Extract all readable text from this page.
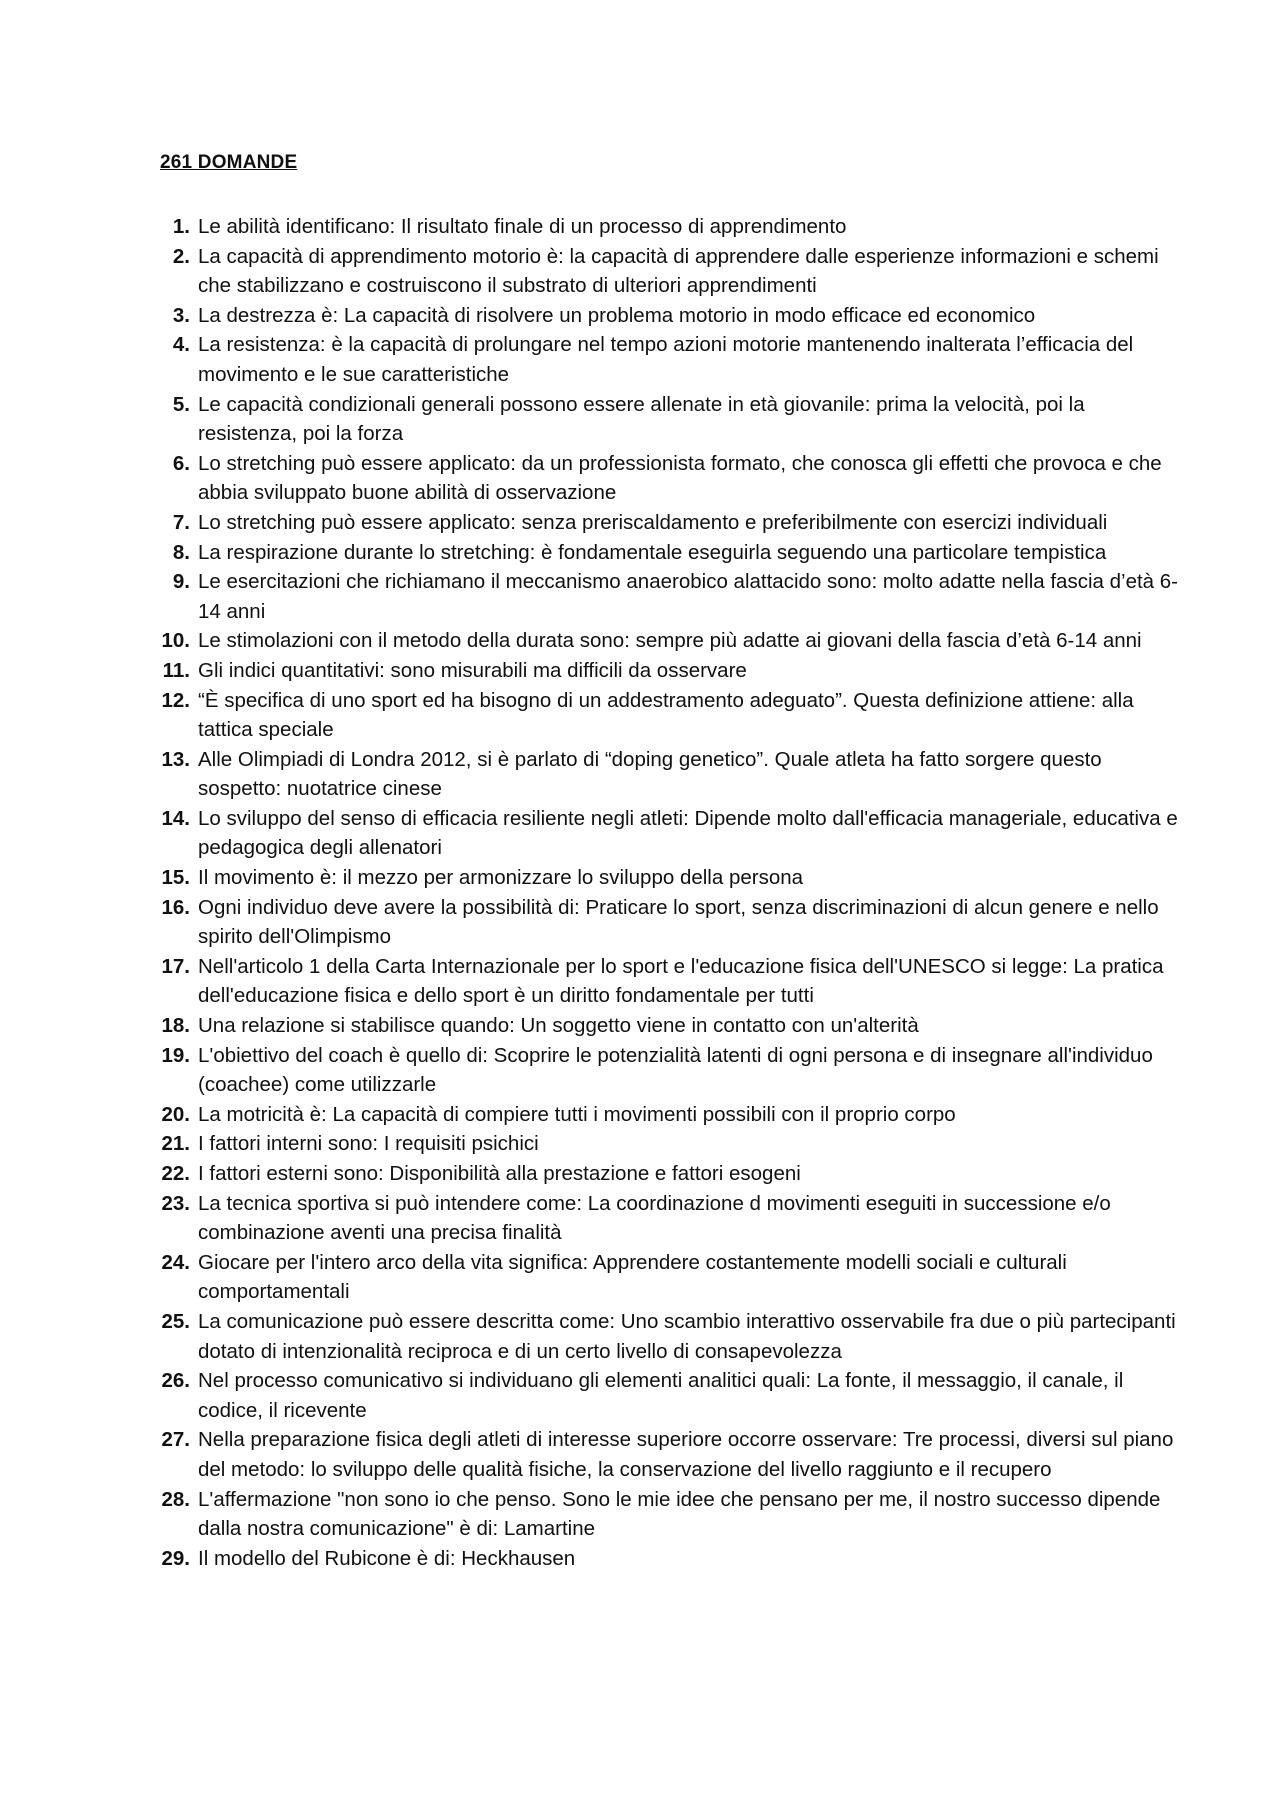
261 DOMANDE
1. Le abilità identificano: Il risultato finale di un processo di apprendimento
2. La capacità di apprendimento motorio è: la capacità di apprendere dalle esperienze informazioni e schemi che stabilizzano e costruiscono il substrato di ulteriori apprendimenti
3. La destrezza è: La capacità di risolvere un problema motorio in modo efficace ed economico
4. La resistenza: è la capacità di prolungare nel tempo azioni motorie mantenendo inalterata l’efficacia del movimento e le sue caratteristiche
5. Le capacità condizionali generali possono essere allenate in età giovanile: prima la velocità, poi la resistenza, poi la forza
6. Lo stretching può essere applicato: da un professionista formato, che conosca gli effetti che provoca e che abbia sviluppato buone abilità di osservazione
7. Lo stretching può essere applicato: senza preriscaldamento e preferibilmente con esercizi individuali
8. La respirazione durante lo stretching: è fondamentale eseguirla seguendo una particolare tempistica
9. Le esercitazioni che richiamano il meccanismo anaerobico alattacido sono: molto adatte nella fascia d’età 6-14 anni
10. Le stimolazioni con il metodo della durata sono: sempre più adatte ai giovani della fascia d’età 6-14 anni
11. Gli indici quantitativi: sono misurabili ma difficili da osservare
12. “È specifica di uno sport ed ha bisogno di un addestramento adeguato”. Questa definizione attiene: alla tattica speciale
13. Alle Olimpiadi di Londra 2012, si è parlato di “doping genetico”. Quale atleta ha fatto sorgere questo sospetto: nuotatrice cinese
14. Lo sviluppo del senso di efficacia resiliente negli atleti: Dipende molto dall'efficacia manageriale, educativa e pedagogica degli allenatori
15. Il movimento è: il mezzo per armonizzare lo sviluppo della persona
16. Ogni individuo deve avere la possibilità di: Praticare lo sport, senza discriminazioni di alcun genere e nello spirito dell'Olimpismo
17. Nell'articolo 1 della Carta Internazionale per lo sport e l'educazione fisica dell'UNESCO si legge: La pratica dell'educazione fisica e dello sport è un diritto fondamentale per tutti
18. Una relazione si stabilisce quando: Un soggetto viene in contatto con un'alterità
19. L'obiettivo del coach è quello di: Scoprire le potenzialità latenti di ogni persona e di insegnare all'individuo (coachee) come utilizzarle
20. La motricità è: La capacità di compiere tutti i movimenti possibili con il proprio corpo
21. I fattori interni sono: I requisiti psichici
22. I fattori esterni sono: Disponibilità alla prestazione e fattori esogeni
23. La tecnica sportiva si può intendere come: La coordinazione d movimenti eseguiti in successione e/o combinazione aventi una precisa finalità
24. Giocare per l'intero arco della vita significa: Apprendere costantemente modelli sociali e culturali comportamentali
25. La comunicazione può essere descritta come: Uno scambio interattivo osservabile fra due o più partecipanti dotato di intenzionalità reciproca e di un certo livello di consapevolezza
26. Nel processo comunicativo si individuano gli elementi analitici quali: La fonte, il messaggio, il canale, il codice, il ricevente
27. Nella preparazione fisica degli atleti di interesse superiore occorre osservare: Tre processi, diversi sul piano del metodo: lo sviluppo delle qualità fisiche, la conservazione del livello raggiunto e il recupero
28. L'affermazione "non sono io che penso. Sono le mie idee che pensano per me, il nostro successo dipende dalla nostra comunicazione" è di: Lamartine
29. Il modello del Rubicone è di: Heckhausen
